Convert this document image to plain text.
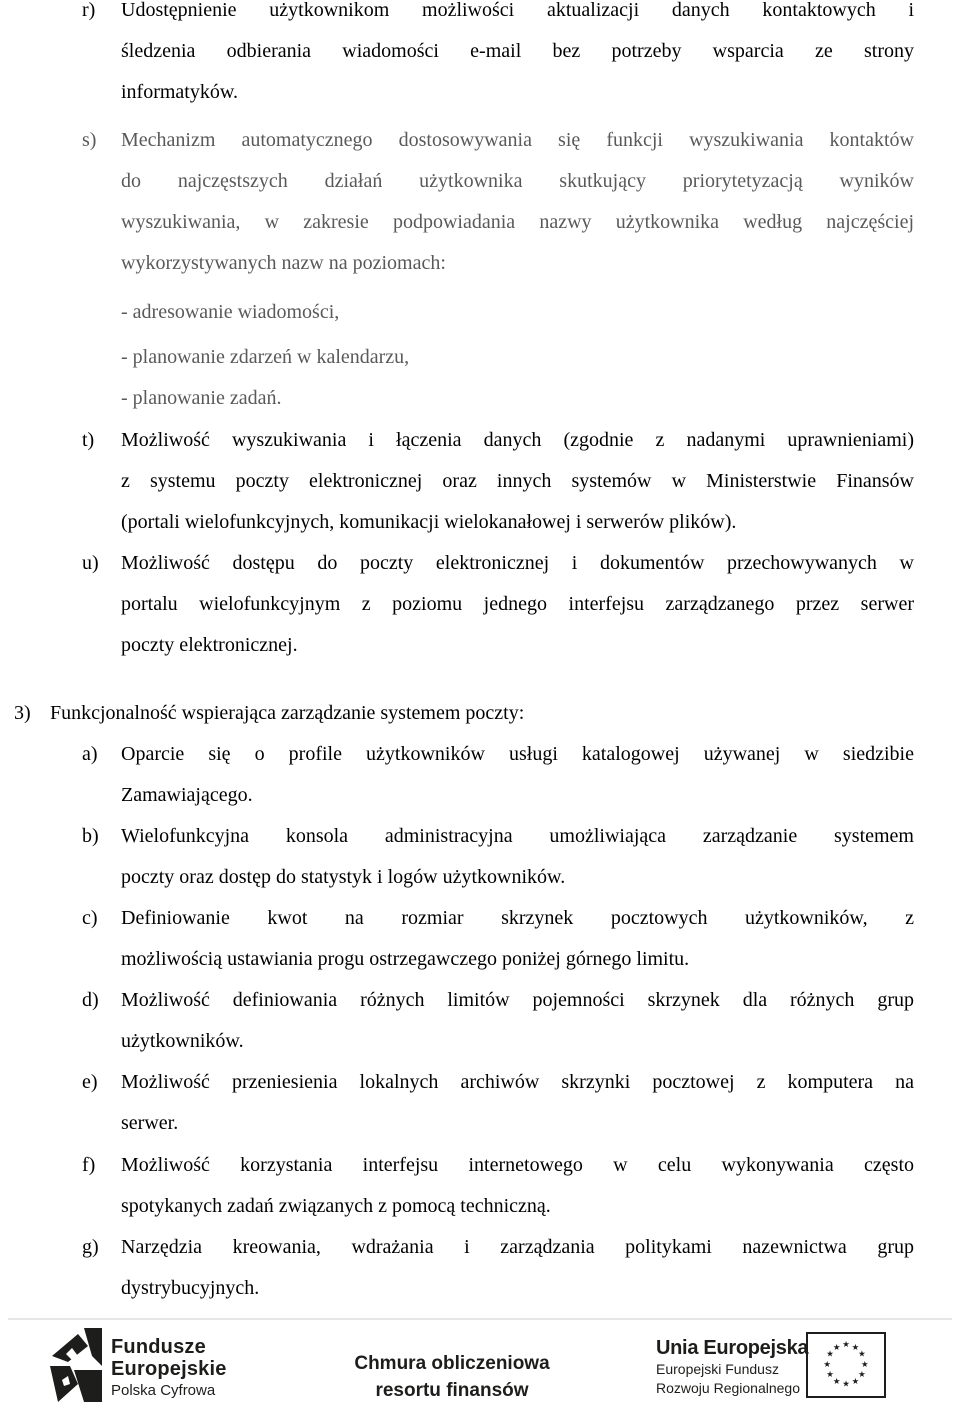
r) Udostępnienie użytkownikom możliwości aktualizacji danych kontaktowych i
śledzenia odbierania wiadomości e-mail bez potrzeby wsparcia ze strony
informatyków.
s) Mechanizm automatycznego dostosowywania się funkcji wyszukiwania kontaktów
do najczęstszych działań użytkownika skutkujący priorytetyzacją wyników
wyszukiwania, w zakresie podpowiadania nazwy użytkownika według najczęściej
wykorzystywanych nazw na poziomach:
- adresowanie wiadomości,
- planowanie zdarzeń w kalendarzu,
- planowanie zadań.
t) Możliwość wyszukiwania i łączenia danych (zgodnie z nadanymi uprawnieniami)
z systemu poczty elektronicznej oraz innych systemów w Ministerstwie Finansów
(portali wielofunkcyjnych, komunikacji wielokanałowej i serwerów plików).
u) Możliwość dostępu do poczty elektronicznej i dokumentów przechowywanych w
portalu wielofunkcyjnym z poziomu jednego interfejsu zarządzanego przez serwer
poczty elektronicznej.
3) Funkcjonalność wspierająca zarządzanie systemem poczty:
a) Oparcie się o profile użytkowników usługi katalogowej używanej w siedzibie
Zamawiającego.
b) Wielofunkcyjna konsola administracyjna umożliwiająca zarządzanie systemem
poczty oraz dostęp do statystyk i logów użytkowników.
c) Definiowanie kwot na rozmiar skrzynek pocztowych użytkowników, z
możliwością ustawiania progu ostrzegawczego poniżej górnego limitu.
d) Możliwość definiowania różnych limitów pojemności skrzynek dla różnych grup
użytkowników.
e) Możliwość przeniesienia lokalnych archiwów skrzynki pocztowej z komputera na
serwer.
f) Możliwość korzystania interfejsu internetowego w celu wykonywania często
spotykanych zadań związanych z pomocą techniczną.
g) Narzędzia kreowania, wdrażania i zarządzania politykami nazewnictwa grup
dystrybucyjnych.
Fundusze
Europejskie
Polska Cyfrowa
Chmura obliczeniowa
resortu finansów
Unia Europejska
Europejski Fundusz
Rozwoju Regionalnego
★ ★
★
★
★
★
★
★
★
★
★
★
